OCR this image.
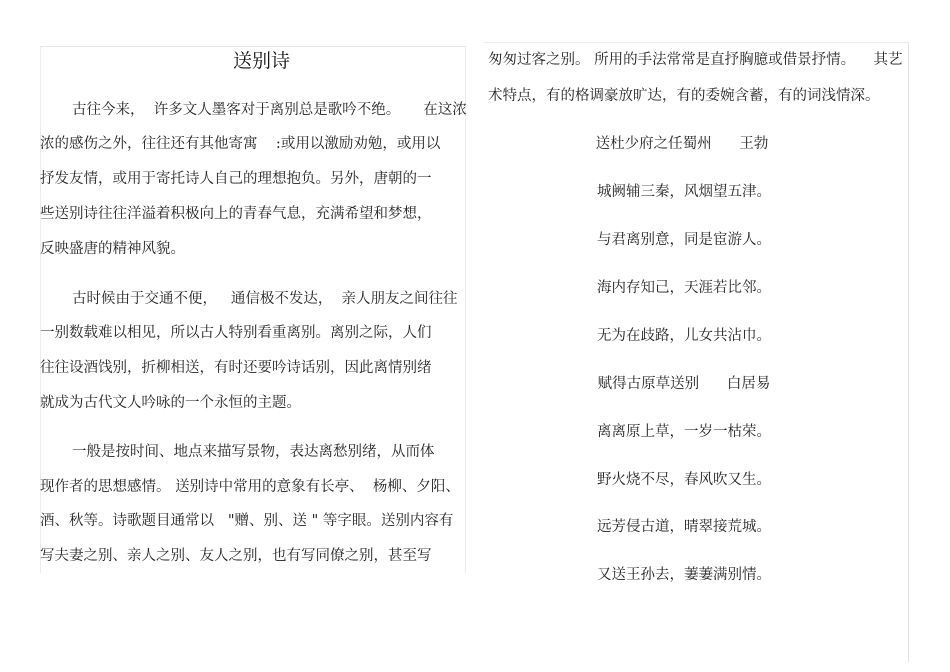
送别诗
古往今来，  许多文人墨客对于离别总是歌吟不绝。     在这浓
浓的感伤之外，往往还有其他寄寓    :或用以激励劝勉，或用以
抒发友情，或用于寄托诗人自己的理想抱负。另外，唐朝的一
些送别诗往往洋溢着积极向上的青春气息，充满希望和梦想，
反映盛唐的精神风貌。
古时候由于交通不便，   通信极不发达，  亲人朋友之间往往
一别数载难以相见，所以古人特别看重离别。离别之际，人们
往往设酒饯别，折柳相送，有时还要吟诗话别，因此离情别绪
就成为古代文人吟咏的一个永恒的主题。
一般是按时间、地点来描写景物，表达离愁别绪，从而体
现作者的思想感情。 送别诗中常用的意象有长亭、  杨柳、夕阳、
酒、秋等。诗歌题目通常以   "赠、别、送 " 等字眼。送别内容有
写夫妻之别、亲人之别、友人之别，也有写同僚之别，甚至写
匆匆过客之别。 所用的手法常常是直抒胸臆或借景抒情。    其艺
术特点，有的格调豪放旷达，有的委婉含蓄，有的词浅情深。
送杜少府之任蜀州      王勃
城阙辅三秦，风烟望五津。
与君离别意，同是宦游人。
海内存知己，天涯若比邻。
无为在歧路，儿女共沾巾。
赋得古原草送别      白居易
离离原上草，一岁一枯荣。
野火烧不尽，春风吹又生。
远芳侵古道，晴翠接荒城。
又送王孙去，萋萋满别情。
